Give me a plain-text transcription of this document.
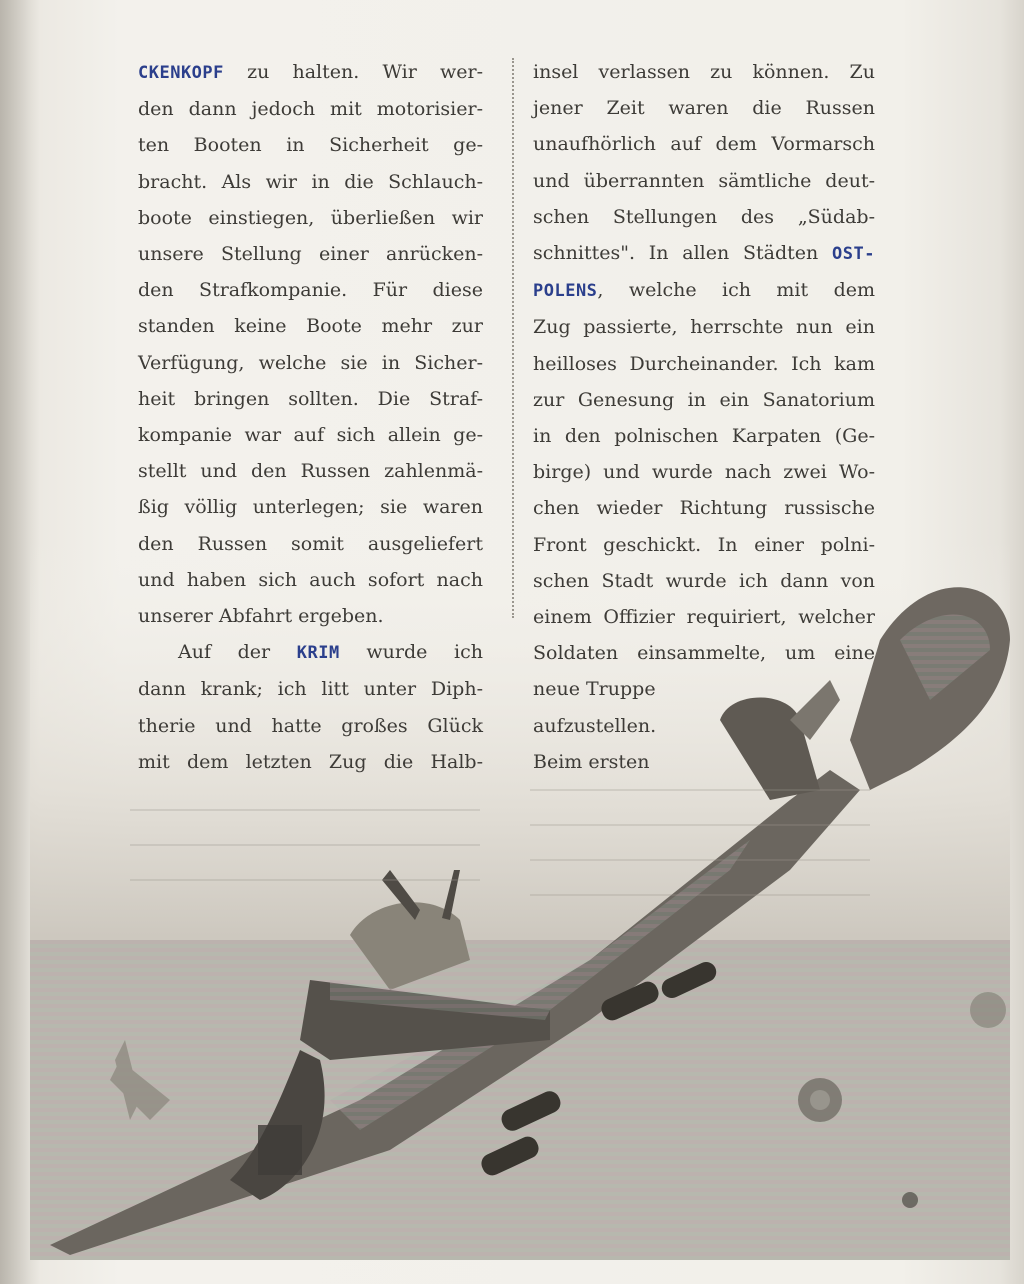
CKENKOPF zu halten. Wir wer-
den dann jedoch mit motorisier-
ten Booten in Sicherheit ge-
bracht. Als wir in die Schlauch-
boote einstiegen, überließen wir
unsere Stellung einer anrücken-
den Strafkompanie. Für diese
standen keine Boote mehr zur
Verfügung, welche sie in Sicher-
heit bringen sollten. Die Straf-
kompanie war auf sich allein ge-
stellt und den Russen zahlenmä-
ßig völlig unterlegen; sie waren
den Russen somit ausgeliefert
und haben sich auch sofort nach
unserer Abfahrt ergeben.

Auf der KRIM wurde ich
dann krank; ich litt unter Diph-
therie und hatte großes Glück
mit dem letzten Zug die Halb-

insel verlassen zu können. Zu
jener Zeit waren die Russen
unaufhörlich auf dem Vormarsch
und überrannten sämtliche deut-
schen Stellungen des „Südab-
schnittes". In allen Städten OST-
POLENS, welche ich mit dem
Zug passierte, herrschte nun ein
heilloses Durcheinander. Ich kam
zur Genesung in ein Sanatorium
in den polnischen Karpaten (Ge-
birge) und wurde nach zwei Wo-
chen wieder Richtung russische
Front geschickt. In einer polni-
schen Stadt wurde ich dann von
einem Offizier requiriert, welcher
Soldaten einsammelte, um eine
neue Truppe
aufzustellen.
Beim ersten
